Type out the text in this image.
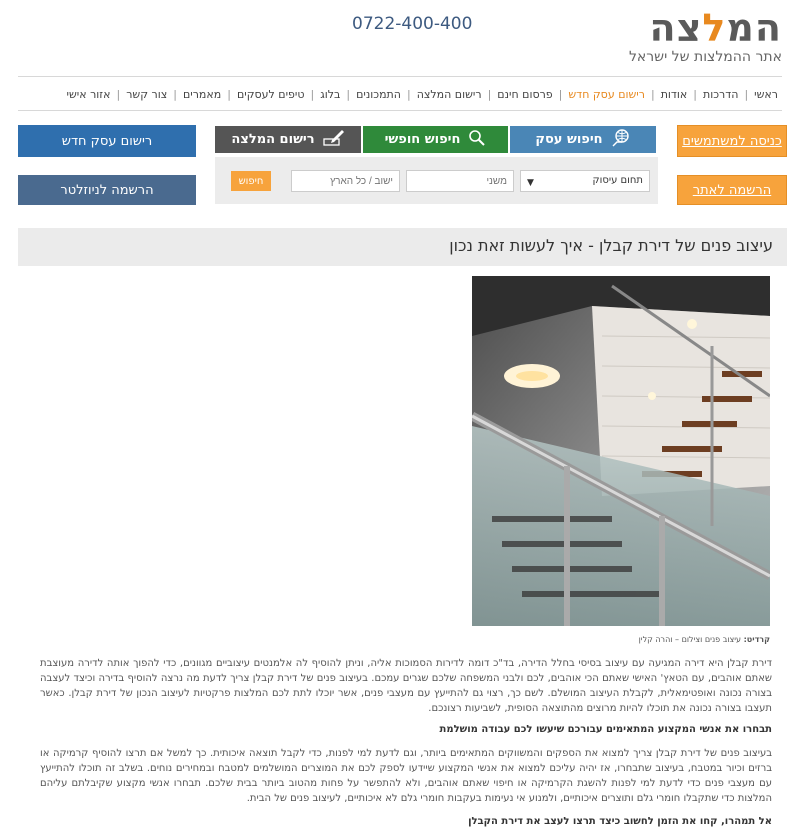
המלצה
אתר ההמלצות של ישראל
0722-400-400
ראשי|הדרכות|אודות|רישום עסק חדש|פרסום חינם|רישום המלצה|התמכונים|בלוג|טיפים לעסקים|מאמרים|צור קשר|אזור אישי
כניסה למשתמשים
הרשמה לאתר
חיפוש עסק
חיפוש חופשי
רישום המלצה
רישום עסק חדש
הרשמה לניוזלטר
תחום עיסוק
▼
משני
ישוב / כל הארץ
חיפוש
עיצוב פנים של דירת קבלן - איך לעשות זאת נכון
קרדיט: עיצוב פנים וצילום – והרה קלין

דירת קבלן היא דירה המגיעה עם עיצוב בסיסי בחלל הדירה, בד"כ דומה לדירות הסמוכות אליה, וניתן להוסיף לה אלמנטים עיצוביים מגוונים, כדי להפוך אותה לדירה מעוצבת שאתם אוהבים, עם הטאץ' האישי שאתם הכי אוהבים, לכם ולבני המשפחה שלכם שגרים עמכם. בעיצוב פנים של דירת קבלן צריך לדעת מה נרצה להוסיף בדירה וכיצד לעצבה בצורה נכונה ואופטימאלית, לקבלת העיצוב המושלם. לשם כך, רצוי גם להתייעץ עם מעצבי פנים, אשר יוכלו לתת לכם המלצות פרקטיות לעיצוב הנכון של דירת קבלן. כאשר תעצבו בצורה נכונה את תוכלו להיות מרוצים מהתוצאה הסופית, לשביעות רצונכם.

תבחרו את אנשי המקצוע המתאימים עבורכם שיעשו לכם עבודה מושלמת

בעיצוב פנים של דירת קבלן צריך למצוא את הספקים והמשווקים המתאימים ביותר, וגם לדעת למי לפנות, כדי לקבל תוצאה איכותית. כך למשל אם תרצו להוסיף קרמיקה או ברזים וכיור במטבח, בעיצוב שתבחרו, אז יהיה עליכם למצוא את אנשי המקצוע שיידעו לספק לכם את המוצרים המושלמים למטבח ובמחירים נוחים. בשלב זה תוכלו להתייעץ עם מעצבי פנים כדי לדעת למי לפנות להשגת הקרמיקה או חיפוי שאתם אוהבים, ולא להתפשר על פחות מהטוב ביותר בבית שלכם. תבחרו אנשי מקצוע שקיבלתם עליהם המלצות כדי שתקבלו חומרי גלם ותוצרים איכותיים, ולמנוע אי נעימות בעקבות חומרי גלם לא איכותיים, לעיצוב פנים של הבית.

אל תמהרו, קחו את הזמן לחשוב כיצד תרצו לעצב את דירת הקבלן
